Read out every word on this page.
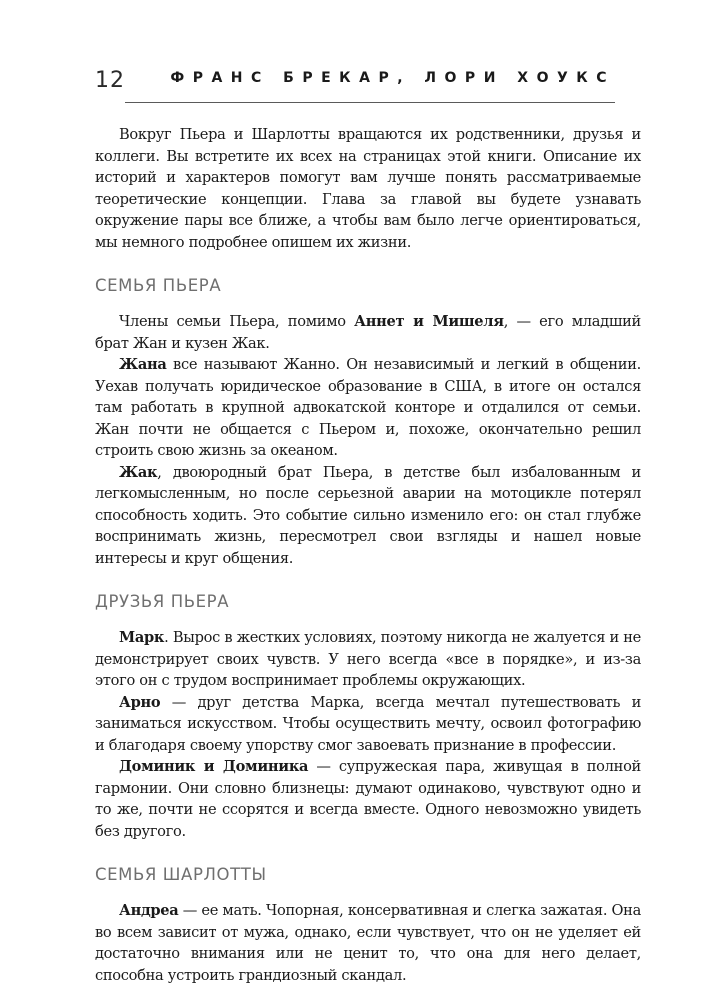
12	ФРАНС БРЕКАР, ЛОРИ ХОУКС

Вокруг Пьера и Шарлотты вращаются их родственники, друзья и коллеги. Вы встретите их всех на страницах этой книги. Описание их историй и характеров помогут вам лучше понять рассматриваемые теоретические концепции. Глава за главой вы будете узнавать окружение пары все ближе, а чтобы вам было легче ориентироваться, мы немного подробнее опишем их жизни.

СЕМЬЯ ПЬЕРА

Члены семьи Пьера, помимо Аннет и Мишеля, — его младший брат Жан и кузен Жак.

Жана все называют Жанно. Он независимый и легкий в общении. Уехав получать юридическое образование в США, в итоге он остался там работать в крупной адвокатской конторе и отдалился от семьи. Жан почти не общается с Пьером и, похоже, окончательно решил строить свою жизнь за океаном.

Жак, двоюродный брат Пьера, в детстве был избалованным и легкомысленным, но после серьезной аварии на мотоцикле потерял способность ходить. Это событие сильно изменило его: он стал глубже воспринимать жизнь, пересмотрел свои взгляды и нашел новые интересы и круг общения.

ДРУЗЬЯ ПЬЕРА

Марк. Вырос в жестких условиях, поэтому никогда не жалуется и не демонстрирует своих чувств. У него всегда «все в порядке», и из-за этого он с трудом воспринимает проблемы окружающих.

Арно — друг детства Марка, всегда мечтал путешествовать и заниматься искусством. Чтобы осуществить мечту, освоил фотографию и благодаря своему упорству смог завоевать признание в профессии.

Доминик и Доминика — супружеская пара, живущая в полной гармонии. Они словно близнецы: думают одинаково, чувствуют одно и то же, почти не ссорятся и всегда вместе. Одного невозможно увидеть без другого.

СЕМЬЯ ШАРЛОТТЫ

Андреа — ее мать. Чопорная, консервативная и слегка зажатая. Она во всем зависит от мужа, однако, если чувствует, что он не уделяет ей достаточно внимания или не ценит то, что она для него делает, способна устроить грандиозный скандал.
